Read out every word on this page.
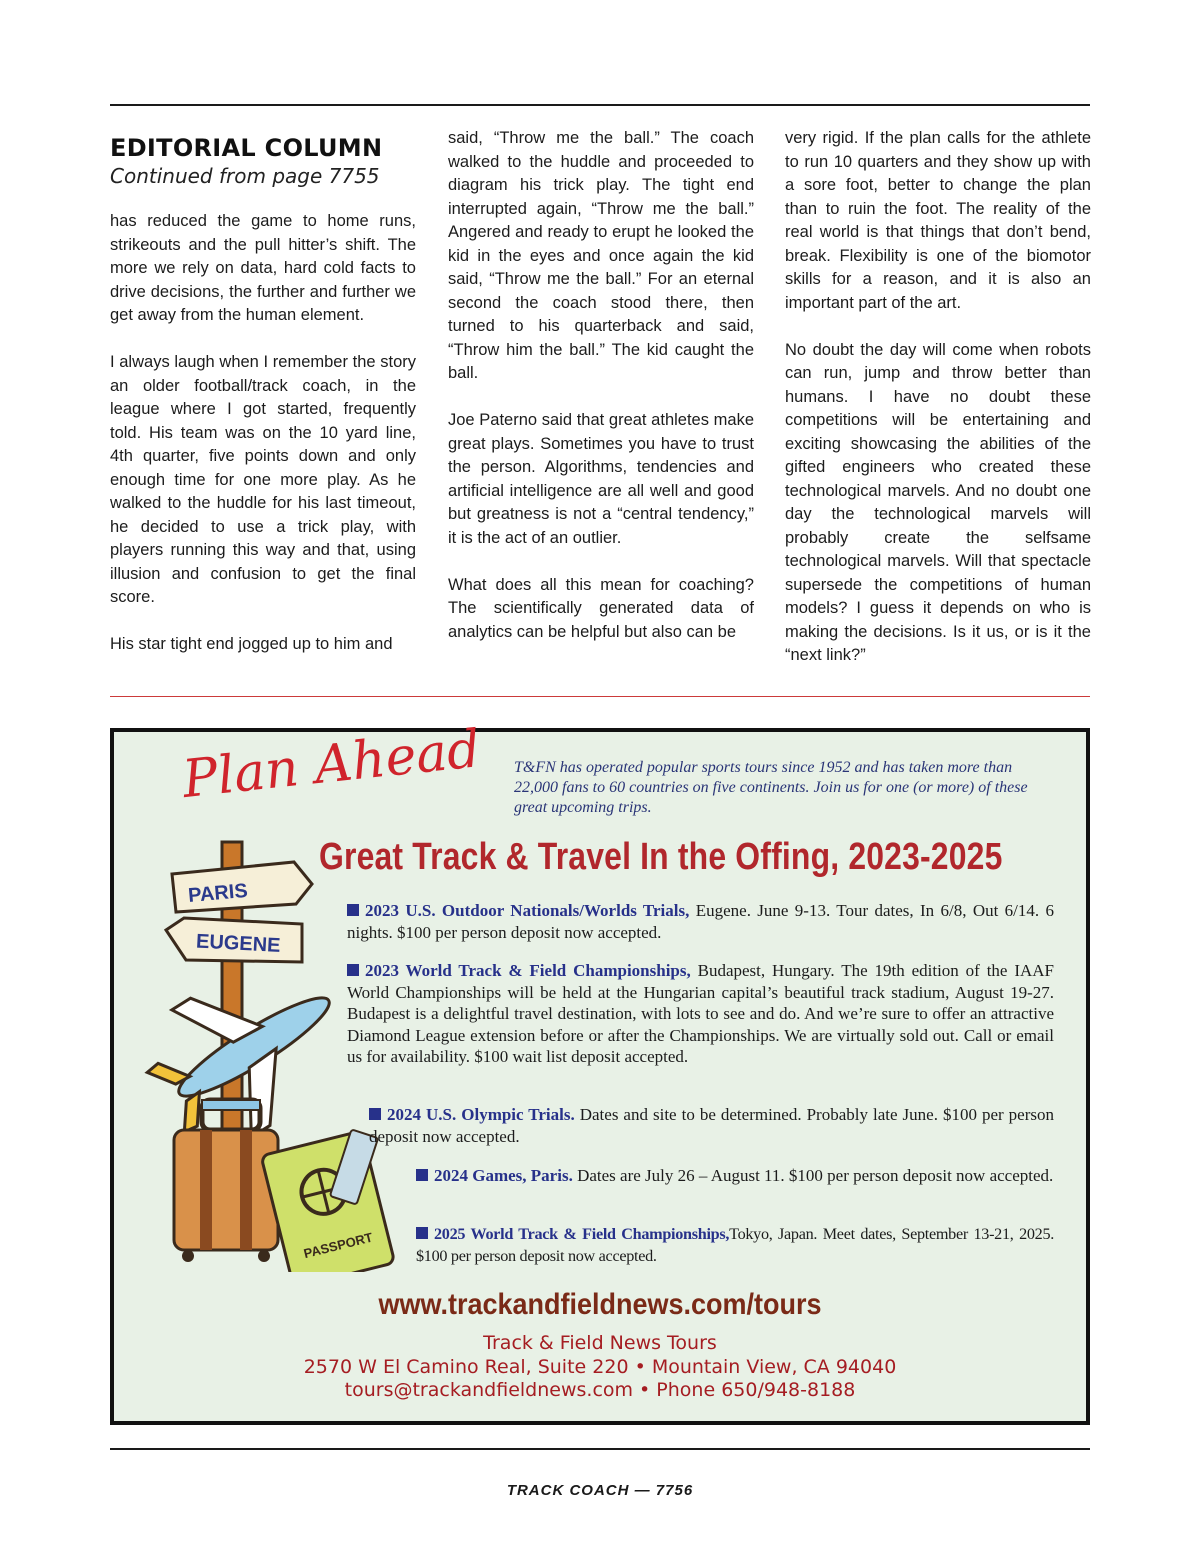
EDITORIAL COLUMN
Continued from page 7755

has reduced the game to home runs, strikeouts and the pull hitter’s shift. The more we rely on data, hard cold facts to drive decisions, the further and further we get away from the human element.

I always laugh when I remember the story an older football/track coach, in the league where I got started, frequently told. His team was on the 10 yard line, 4th quarter, five points down and only enough time for one more play. As he walked to the huddle for his last timeout, he decided to use a trick play, with players running this way and that, using illusion and confusion to get the final score.

His star tight end jogged up to him and

said, “Throw me the ball.” The coach walked to the huddle and proceeded to diagram his trick play. The tight end interrupted again, “Throw me the ball.” Angered and ready to erupt he looked the kid in the eyes and once again the kid said, “Throw me the ball.” For an eternal second the coach stood there, then turned to his quarterback and said, “Throw him the ball.” The kid caught the ball.

Joe Paterno said that great athletes make great plays. Sometimes you have to trust the person. Algorithms, tendencies and artificial intelligence are all well and good but greatness is not a “central tendency,” it is the act of an outlier.

What does all this mean for coaching? The scientifically generated data of analytics can be helpful but also can be

very rigid. If the plan calls for the athlete to run 10 quarters and they show up with a sore foot, better to change the plan than to ruin the foot. The reality of the real world is that things that don’t bend, break. Flexibility is one of the biomotor skills for a reason, and it is also an important part of the art.

No doubt the day will come when robots can run, jump and throw better than humans. I have no doubt these competitions will be entertaining and exciting showcasing the abilities of the gifted engineers who created these technological marvels. And no doubt one day the technological marvels will probably create the selfsame technological marvels. Will that spectacle supersede the competitions of human models? I guess it depends on who is making the decisions. Is it us, or is it the “next link?”

Plan Ahead T&FN has operated popular sports tours since 1952 and has taken more than 22,000 fans to 60 countries on five continents. Join us for one (or more) of these great upcoming trips.
Great Track & Travel In the Offing, 2023-2025
PARIS
EUGENE
PASSPORT
2023 U.S. Outdoor Nationals/Worlds Trials, Eugene. June 9-13. Tour dates, In 6/8, Out 6/14. 6 nights. $100 per person deposit now accepted.
2023 World Track & Field Championships, Budapest, Hungary. The 19th edition of the IAAF World Championships will be held at the Hungarian capital’s beautiful track stadium, August 19-27. Budapest is a delightful travel destination, with lots to see and do. And we’re sure to offer an attractive Diamond League extension before or after the Championships. We are virtually sold out. Call or email us for availability. $100 wait list deposit accepted.
2024 U.S. Olympic Trials. Dates and site to be determined. Probably late June. $100 per person deposit now accepted.
2024 Games, Paris. Dates are July 26 – August 11. $100 per person deposit now accepted.
2025 World Track & Field Championships,Tokyo, Japan. Meet dates, September 13-21, 2025. $100 per person deposit now accepted.
www.trackandfieldnews.com/tours
Track & Field News Tours
2570 W El Camino Real, Suite 220 • Mountain View, CA 94040
tours@trackandfieldnews.com • Phone 650/948-8188
TRACK COACH — 7756
